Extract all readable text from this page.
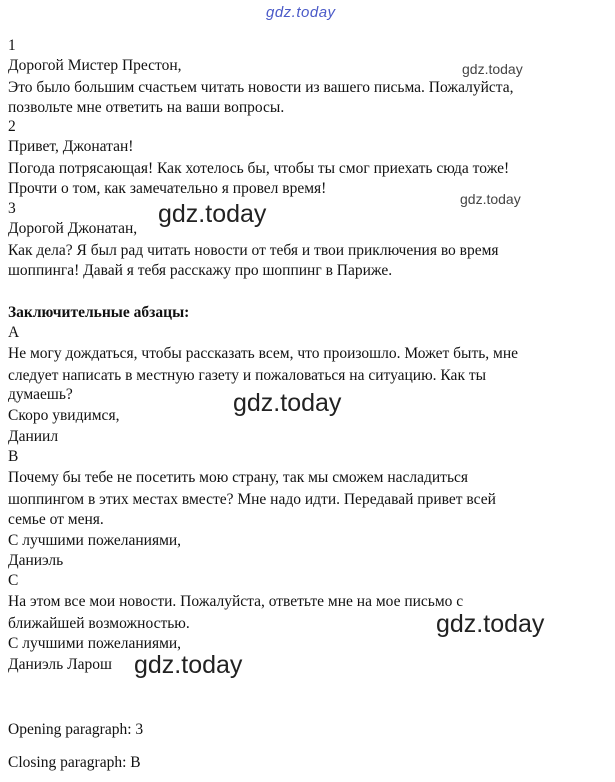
gdz.today
1
Дорогой Мистер Престон,
Это было большим счастьем читать новости из вашего письма. Пожалуйста,
позвольте мне ответить на ваши вопросы.
2
Привет, Джонатан!
Погода потрясающая! Как хотелось бы, чтобы ты смог приехать сюда тоже!
Прочти о том, как замечательно я провел время!
3
Дорогой Джонатан,
Как дела? Я был рад читать новости от тебя и твои приключения во время
шоппинга! Давай я тебя расскажу про шоппинг в Париже.
Заключительные абзацы:
A
Не могу дождаться, чтобы рассказать всем, что произошло. Может быть, мне
следует написать в местную газету и пожаловаться на ситуацию. Как ты
думаешь?
Скоро увидимся,
Даниил
B
Почему бы тебе не посетить мою страну, так мы сможем насладиться
шоппингом в этих местах вместе? Мне надо идти. Передавай привет всей
семье от меня.
С лучшими пожеланиями,
Даниэль
C
На этом все мои новости. Пожалуйста, ответьте мне на мое письмо с
ближайшей возможностью.
С лучшими пожеланиями,
Даниэль Ларош
Opening paragraph: 3
Closing paragraph: B
gdz.today
gdz.today
gdz.today
gdz.today
gdz.today
gdz.today
